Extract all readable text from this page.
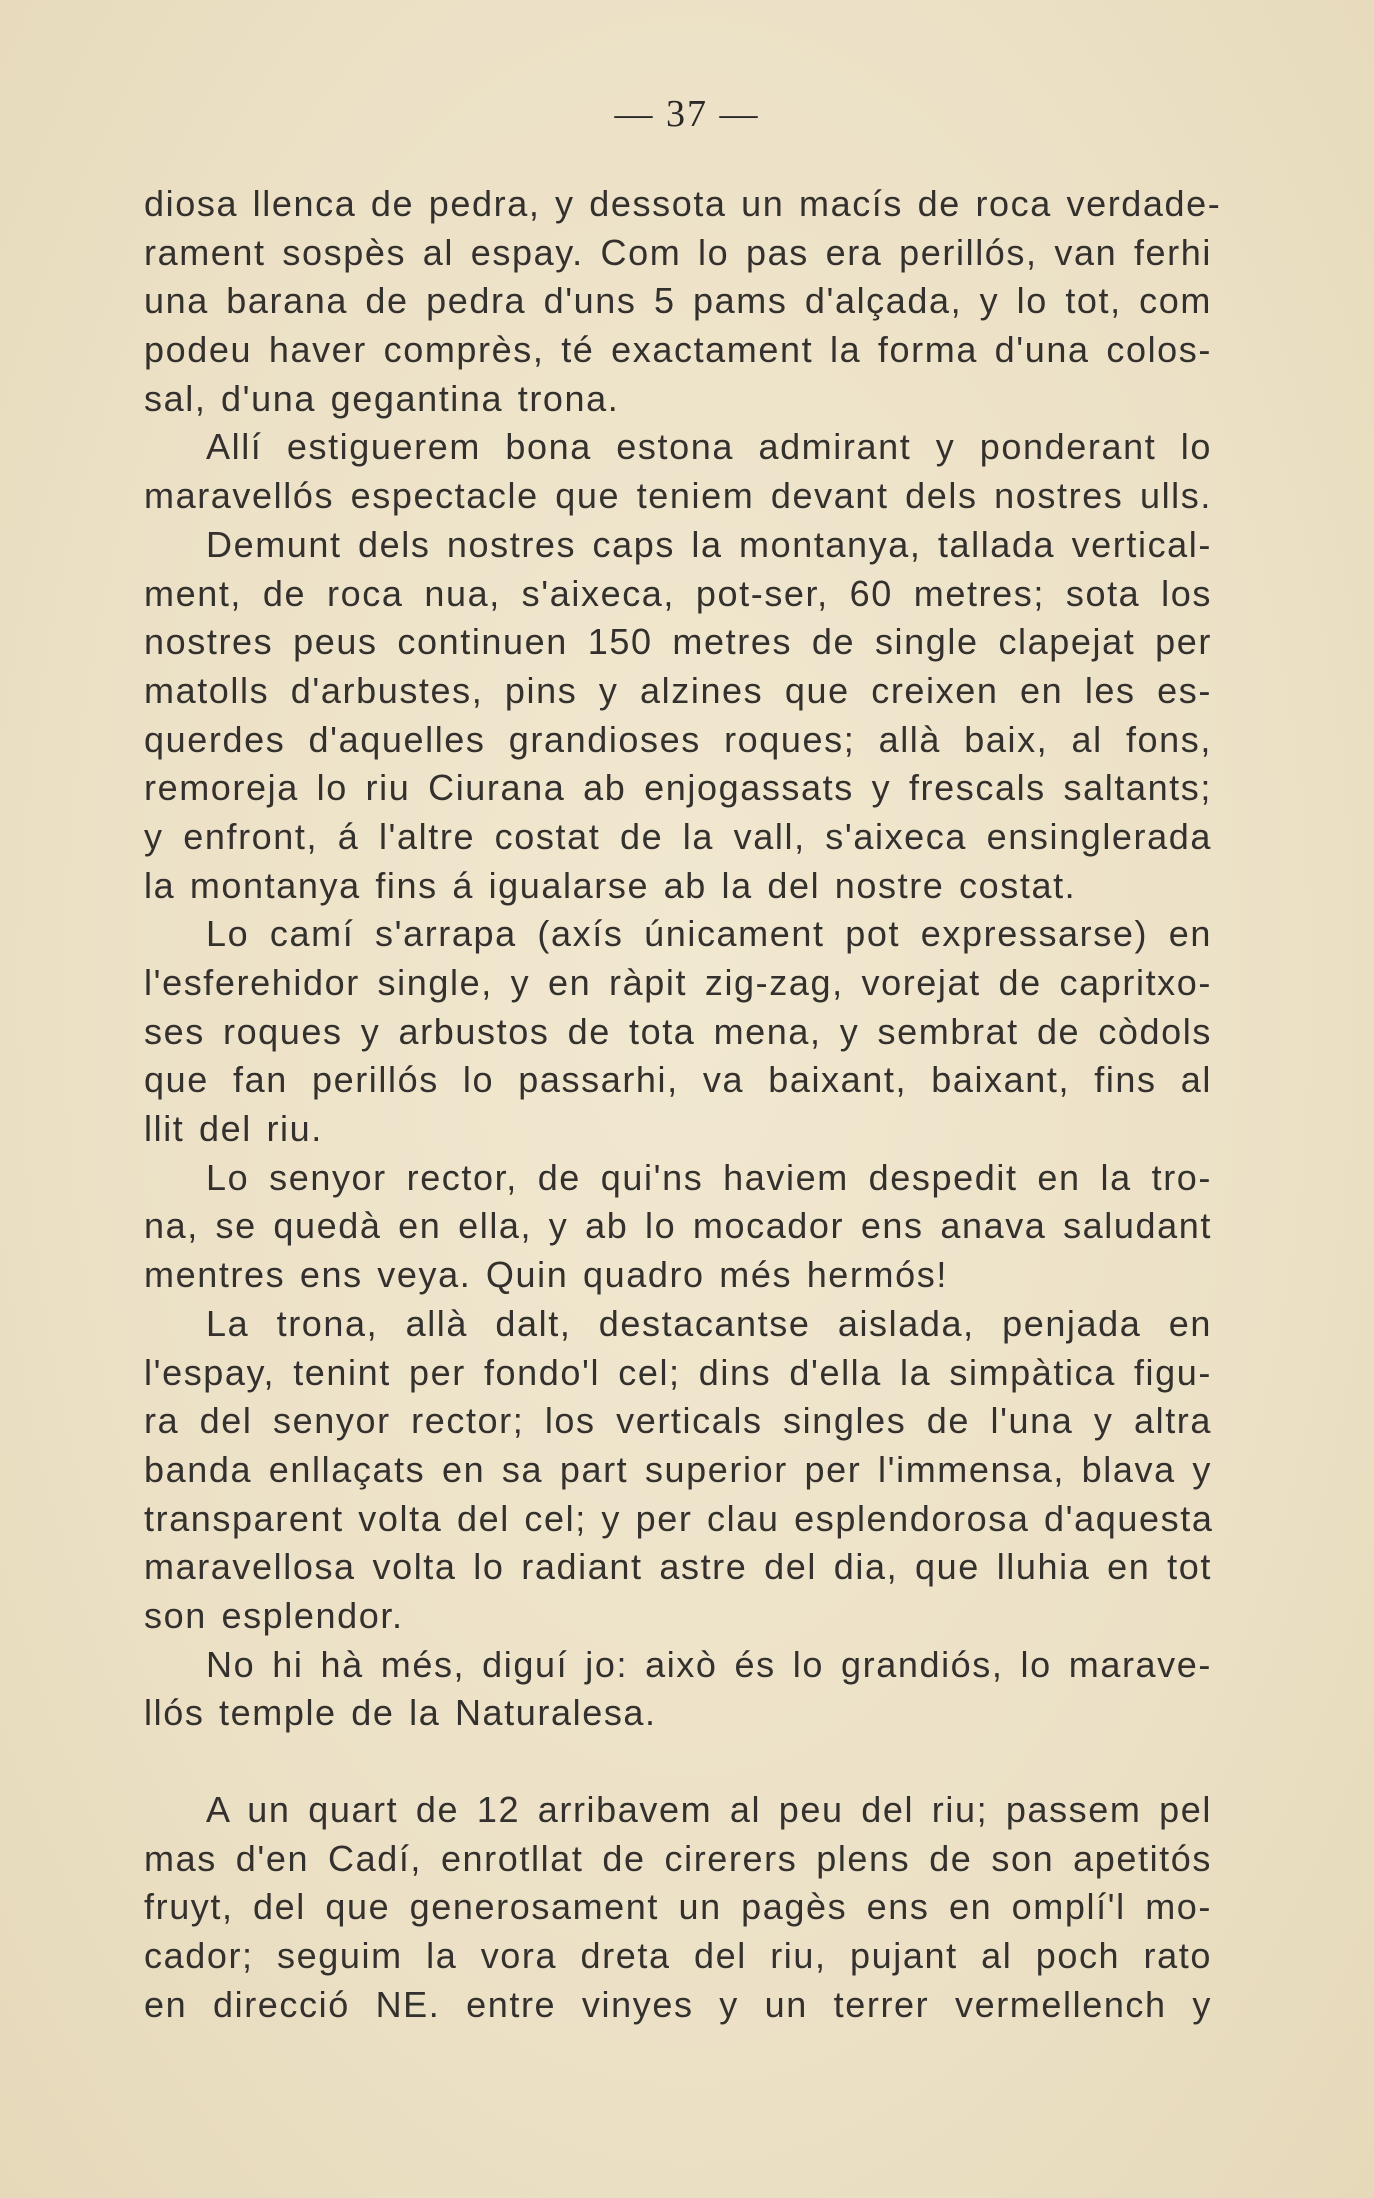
— 37 —
diosa llenca de pedra, y dessota un macís de roca verdade-
rament sospès al espay. Com lo pas era perillós, van ferhi
una barana de pedra d'uns 5 pams d'alçada, y lo tot, com
podeu haver comprès, té exactament la forma d'una colos-
sal, d'una gegantina trona.
Allí estiguerem bona estona admirant y ponderant lo
maravellós espectacle que teniem devant dels nostres ulls.
Demunt dels nostres caps la montanya, tallada vertical-
ment, de roca nua, s'aixeca, pot-ser, 60 metres; sota los
nostres peus continuen 150 metres de single clapejat per
matolls d'arbustes, pins y alzines que creixen en les es-
querdes d'aquelles grandioses roques; allà baix, al fons,
remoreja lo riu Ciurana ab enjogassats y frescals saltants;
y enfront, á l'altre costat de la vall, s'aixeca ensinglerada
la montanya fins á igualarse ab la del nostre costat.
Lo camí s'arrapa (axís únicament pot expressarse) en
l'esferehidor single, y en ràpit zig-zag, vorejat de capritxo-
ses roques y arbustos de tota mena, y sembrat de còdols
que fan perillós lo passarhi, va baixant, baixant, fins al
llit del riu.
Lo senyor rector, de qui'ns haviem despedit en la tro-
na, se quedà en ella, y ab lo mocador ens anava saludant
mentres ens veya. Quin quadro més hermós!
La trona, allà dalt, destacantse aislada, penjada en
l'espay, tenint per fondo'l cel; dins d'ella la simpàtica figu-
ra del senyor rector; los verticals singles de l'una y altra
banda enllaçats en sa part superior per l'immensa, blava y
transparent volta del cel; y per clau esplendorosa d'aquesta
maravellosa volta lo radiant astre del dia, que lluhia en tot
son esplendor.
No hi hà més, diguí jo: això és lo grandiós, lo marave-
llós temple de la Naturalesa.
A un quart de 12 arribavem al peu del riu; passem pel
mas d'en Cadí, enrotllat de cirerers plens de son apetitós
fruyt, del que generosament un pagès ens en omplí'l mo-
cador; seguim la vora dreta del riu, pujant al poch rato
en direcció NE. entre vinyes y un terrer vermellench y
